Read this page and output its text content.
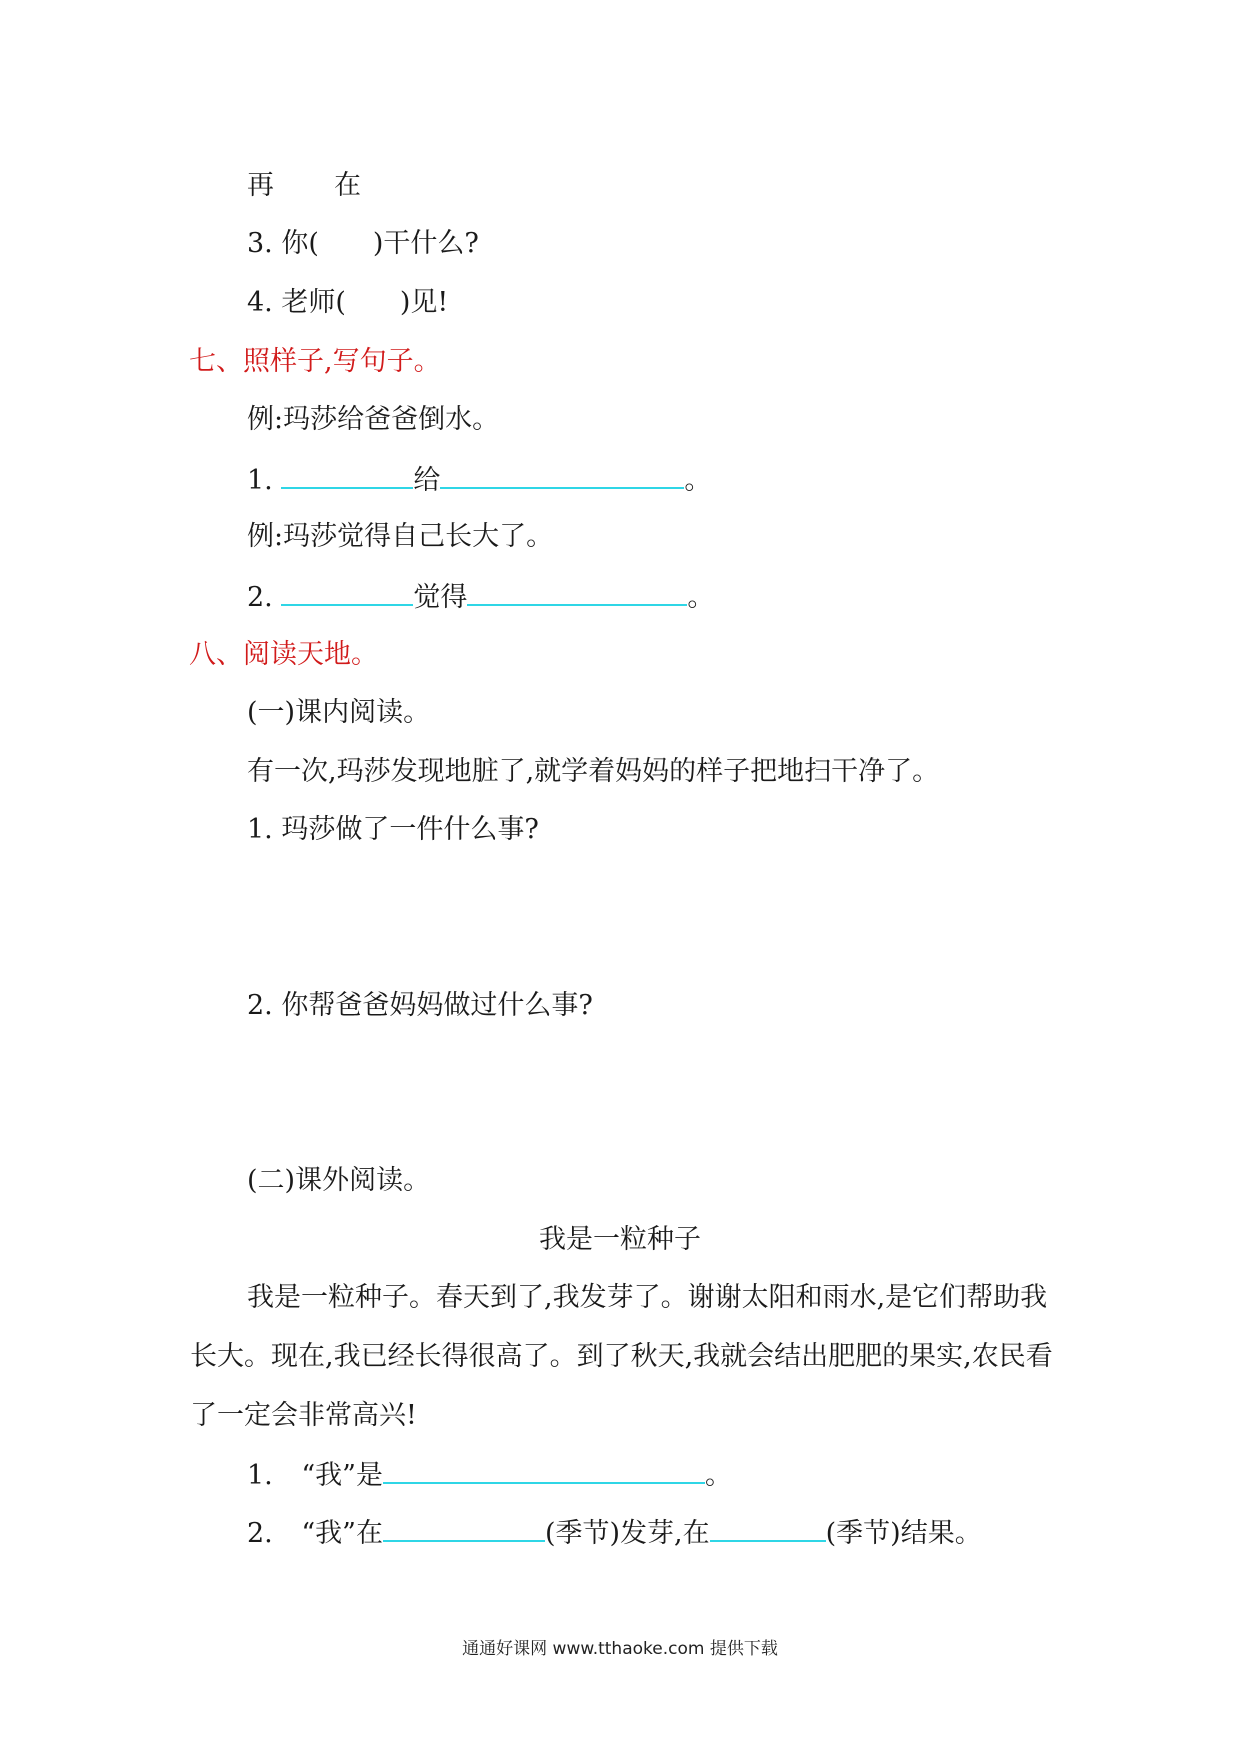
再 在
3. 你( )干什么?
4. 老师( )见!
七、照样子,写句子。
例:玛莎给爸爸倒水。
1.	给	。
例:玛莎觉得自己长大了。
2.	觉得	。
八、阅读天地。
(一)课内阅读。
有一次,玛莎发现地脏了,就学着妈妈的样子把地扫干净了。
1. 玛莎做了一件什么事?
2. 你帮爸爸妈妈做过什么事?
(二)课外阅读。
我是一粒种子
我是一粒种子。春天到了,我发芽了。谢谢太阳和雨水,是它们帮助我长大。现在,我已经长得很高了。到了秋天,我就会结出肥肥的果实,农民看了一定会非常高兴!
1. “我”是	。
2. “我”在	(季节)发芽,在	(季节)结果。
通通好课网 www.tthaoke.com 提供下载
